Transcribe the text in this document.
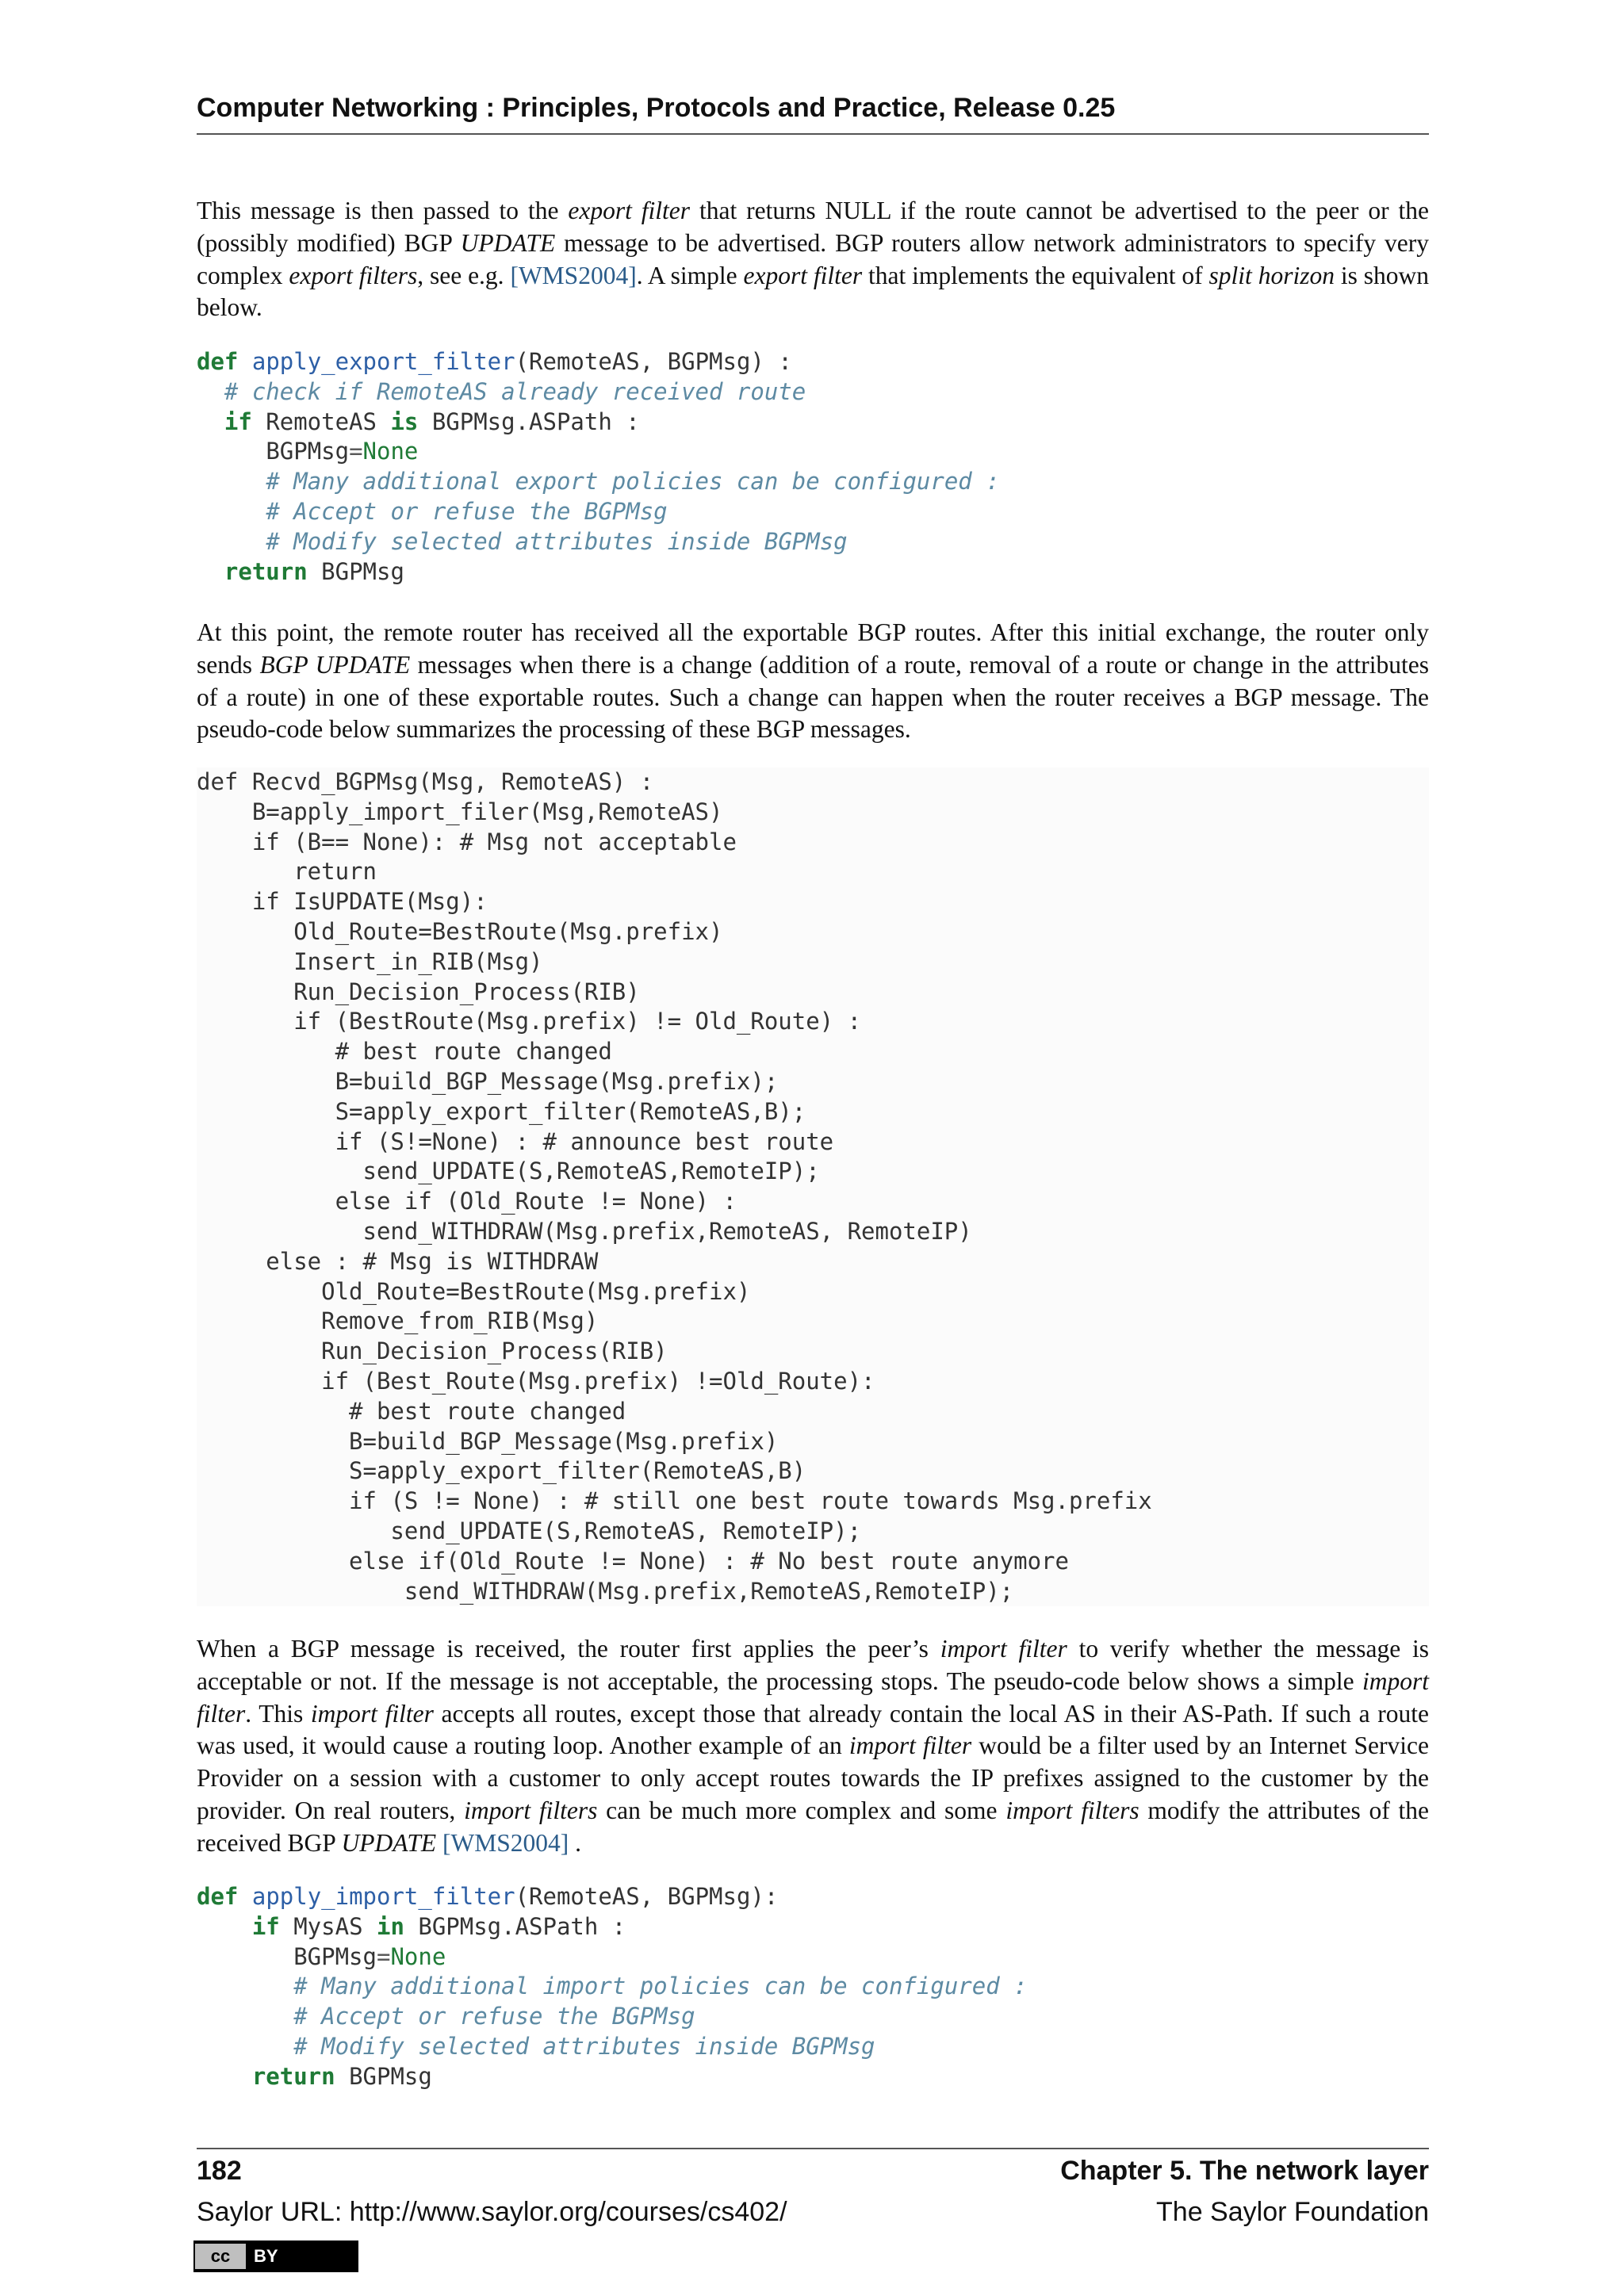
Computer Networking : Principles, Protocols and Practice, Release 0.25

This message is then passed to the export filter that returns NULL if the route cannot be advertised to the peer or the (possibly modified) BGP UPDATE message to be advertised. BGP routers allow network administrators to specify very complex export filters, see e.g. [WMS2004]. A simple export filter that implements the equivalent of split horizon is shown below.

def apply_export_filter(RemoteAS, BGPMsg) :
# check if RemoteAS already received route
if RemoteAS is BGPMsg.ASPath :
BGPMsg=None
# Many additional export policies can be configured :
# Accept or refuse the BGPMsg
# Modify selected attributes inside BGPMsg
return BGPMsg

At this point, the remote router has received all the exportable BGP routes. After this initial exchange, the router only sends BGP UPDATE messages when there is a change (addition of a route, removal of a route or change in the attributes of a route) in one of these exportable routes. Such a change can happen when the router receives a BGP message. The pseudo-code below summarizes the processing of these BGP messages.

def Recvd_BGPMsg(Msg, RemoteAS) :
B=apply_import_filer(Msg,RemoteAS)
if (B== None): # Msg not acceptable
return
if IsUPDATE(Msg):
Old_Route=BestRoute(Msg.prefix)
Insert_in_RIB(Msg)
Run_Decision_Process(RIB)
if (BestRoute(Msg.prefix) != Old_Route) :
# best route changed
B=build_BGP_Message(Msg.prefix);
S=apply_export_filter(RemoteAS,B);
if (S!=None) : # announce best route
send_UPDATE(S,RemoteAS,RemoteIP);
else if (Old_Route != None) :
send_WITHDRAW(Msg.prefix,RemoteAS, RemoteIP)
else : # Msg is WITHDRAW
Old_Route=BestRoute(Msg.prefix)
Remove_from_RIB(Msg)
Run_Decision_Process(RIB)
if (Best_Route(Msg.prefix) !=Old_Route):
# best route changed
B=build_BGP_Message(Msg.prefix)
S=apply_export_filter(RemoteAS,B)
if (S != None) : # still one best route towards Msg.prefix
send_UPDATE(S,RemoteAS, RemoteIP);
else if(Old_Route != None) : # No best route anymore
send_WITHDRAW(Msg.prefix,RemoteAS,RemoteIP);

When a BGP message is received, the router first applies the peer’s import filter to verify whether the message is acceptable or not. If the message is not acceptable, the processing stops. The pseudo-code below shows a simple import filter. This import filter accepts all routes, except those that already contain the local AS in their AS-Path. If such a route was used, it would cause a routing loop. Another example of an import filter would be a filter used by an Internet Service Provider on a session with a customer to only accept routes towards the IP prefixes assigned to the customer by the provider. On real routers, import filters can be much more complex and some import filters modify the attributes of the received BGP UPDATE [WMS2004] .

def apply_import_filter(RemoteAS, BGPMsg):
if MysAS in BGPMsg.ASPath :
BGPMsg=None
# Many additional import policies can be configured :
# Accept or refuse the BGPMsg
# Modify selected attributes inside BGPMsg
return BGPMsg
182	Chapter 5. The network layer
Saylor URL: http://www.saylor.org/courses/cs402/	The Saylor Foundation
cc	BY
